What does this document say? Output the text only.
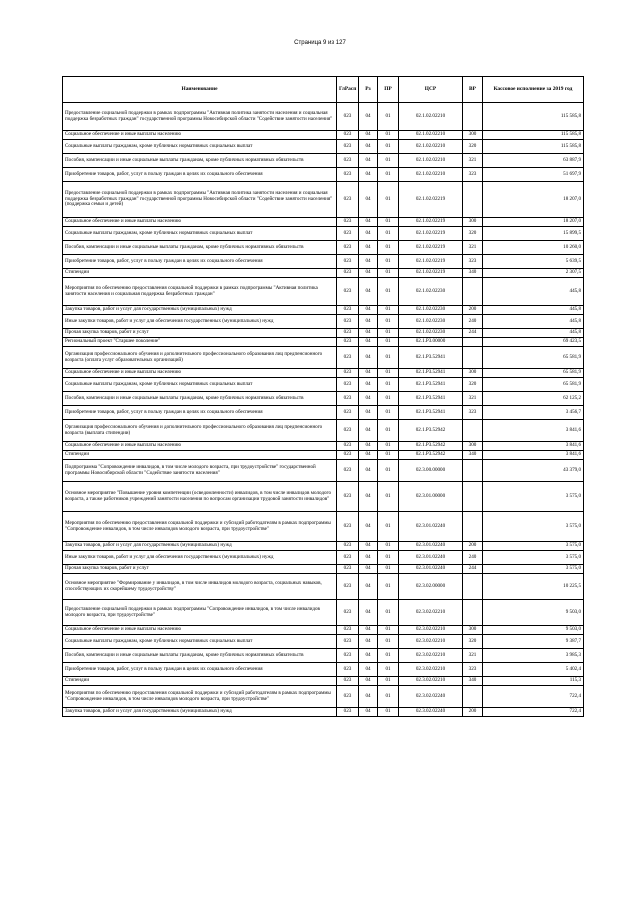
Страница 9 из 127
Наименование	ГлРасп	Рз	ПР	ЦСР	ВР	Кассовое исполнение за 2019 год
Предоставление социальной поддержки в рамках подпрограммы "Активная политика занятости населения и социальная поддержка безработных граждан" государственной программы Новосибирской области "Содействие занятости населения"	023	04	01	02.1.02.02210		115 585,8
Социальное обеспечение и иные выплаты населению	023	04	01	02.1.02.02210	300	115 585,8
Социальные выплаты гражданам, кроме публичных нормативных социальных выплат	023	04	01	02.1.02.02210	320	115 585,8
Пособия, компенсации и иные социальные выплаты гражданам, кроме публичных нормативных обязательств	023	04	01	02.1.02.02210	321	63 887,9
Приобретение товаров, работ, услуг в пользу граждан в целях их социального обеспечения	023	04	01	02.1.02.02210	323	51 697,9
Предоставление социальной поддержки в рамках подпрограммы "Активная политика занятости населения и социальная поддержка безработных граждан" государственной программы Новосибирской области "Содействие занятости населения" (поддержка семьи и детей)	023	04	01	02.1.02.02219		18 207,0
Социальное обеспечение и иные выплаты населению	023	04	01	02.1.02.02219	300	18 207,0
Социальные выплаты гражданам, кроме публичных нормативных социальных выплат	023	04	01	02.1.02.02219	320	15 899,5
Пособия, компенсации и иные социальные выплаты гражданам, кроме публичных нормативных обязательств	023	04	01	02.1.02.02219	321	10 260,0
Приобретение товаров, работ, услуг в пользу граждан в целях их социального обеспечения	023	04	01	02.1.02.02219	323	5 639,5
Стипендии	023	04	01	02.1.02.02219	340	2 307,5
Мероприятия по обеспечению предоставления социальной поддержки в рамках подпрограммы "Активная политика занятости населения и социальная поддержка безработных граждан"	023	04	01	02.1.02.02230		445,8
Закупка товаров, работ и услуг для государственных (муниципальных) нужд	023	04	01	02.1.02.02230	200	445,8
Иные закупки товаров, работ и услуг для обеспечения государственных (муниципальных) нужд	023	04	01	02.1.02.02230	240	445,8
Прочая закупка товаров, работ и услуг	023	04	01	02.1.02.02230	244	445,8
Региональный проект "Старшее поколение"	023	04	01	02.1.P3.00000		69 423,5
Организация профессионального обучения и дополнительного профессионального образования лиц предпенсионного возраста (оплата услуг образовательных организаций)	023	04	01	02.1.P3.52941		65 581,9
Социальное обеспечение и иные выплаты населению	023	04	01	02.1.P3.52941	300	65 581,9
Социальные выплаты гражданам, кроме публичных нормативных социальных выплат	023	04	01	02.1.P3.52941	320	65 581,9
Пособия, компенсации и иные социальные выплаты гражданам, кроме публичных нормативных обязательств	023	04	01	02.1.P3.52941	321	62 125,2
Приобретение товаров, работ, услуг в пользу граждан в целях их социального обеспечения	023	04	01	02.1.P3.52941	323	3 456,7
Организация профессионального обучения и дополнительного профессионального образования лиц предпенсионного возраста (выплата стипендии)	023	04	01	02.1.P3.52942		3 841,6
Социальное обеспечение и иные выплаты населению	023	04	01	02.1.P3.52942	300	3 841,6
Стипендии	023	04	01	02.1.P3.52942	340	3 841,6
Подпрограмма "Сопровождение инвалидов, в том числе молодого возраста, при трудоустройстве" государственной программы Новосибирской области "Содействие занятости населения"	023	04	01	02.3.00.00000		43 379,0
Основное мероприятие "Повышение уровня компетенции (осведомленности) инвалидов, в том числе инвалидов молодого возраста, а также работников учреждений занятости населения по вопросам организации трудовой занятости инвалидов"	023	04	01	02.3.01.00000		3 575,0
Мероприятия по обеспечению предоставления социальной поддержки и субсидий работодателям в рамках подпрограммы "Сопровождение инвалидов, в том числе инвалидов молодого возраста, при трудоустройстве"	023	04	01	02.3.01.02240		3 575,0
Закупка товаров, работ и услуг для государственных (муниципальных) нужд	023	04	01	02.3.01.02240	200	3 575,0
Иные закупки товаров, работ и услуг для обеспечения государственных (муниципальных) нужд	023	04	01	02.3.01.02240	240	3 575,0
Прочая закупка товаров, работ и услуг	023	04	01	02.3.01.02240	244	3 575,0
Основное мероприятие "Формирование у инвалидов, в том числе инвалидов молодого возраста, социальных навыков, способствующих их скорейшему трудоустройству"	023	04	01	02.3.02.00000		10 225,5
Предоставление социальной поддержки в рамках подпрограммы "Сопровождение инвалидов, в том числе инвалидов молодого возраста, при трудоустройстве"	023	04	01	02.3.02.02210		9 503,0
Социальное обеспечение и иные выплаты населению	023	04	01	02.3.02.02210	300	9 503,0
Социальные выплаты гражданам, кроме публичных нормативных социальных выплат	023	04	01	02.3.02.02210	320	9 387,7
Пособия, компенсации и иные социальные выплаты гражданам, кроме публичных нормативных обязательств	023	04	01	02.3.02.02210	321	3 985,3
Приобретение товаров, работ, услуг в пользу граждан в целях их социального обеспечения	023	04	01	02.3.02.02210	323	5 402,4
Стипендии	023	04	01	02.3.02.02210	340	115,3
Мероприятия по обеспечению предоставления социальной поддержки и субсидий работодателям в рамках подпрограммы "Сопровождение инвалидов, в том числе инвалидов молодого возраста, при трудоустройстве"	023	04	01	02.3.02.02240		722,4
Закупка товаров, работ и услуг для государственных (муниципальных) нужд	023	04	01	02.3.02.02240	200	722,4
